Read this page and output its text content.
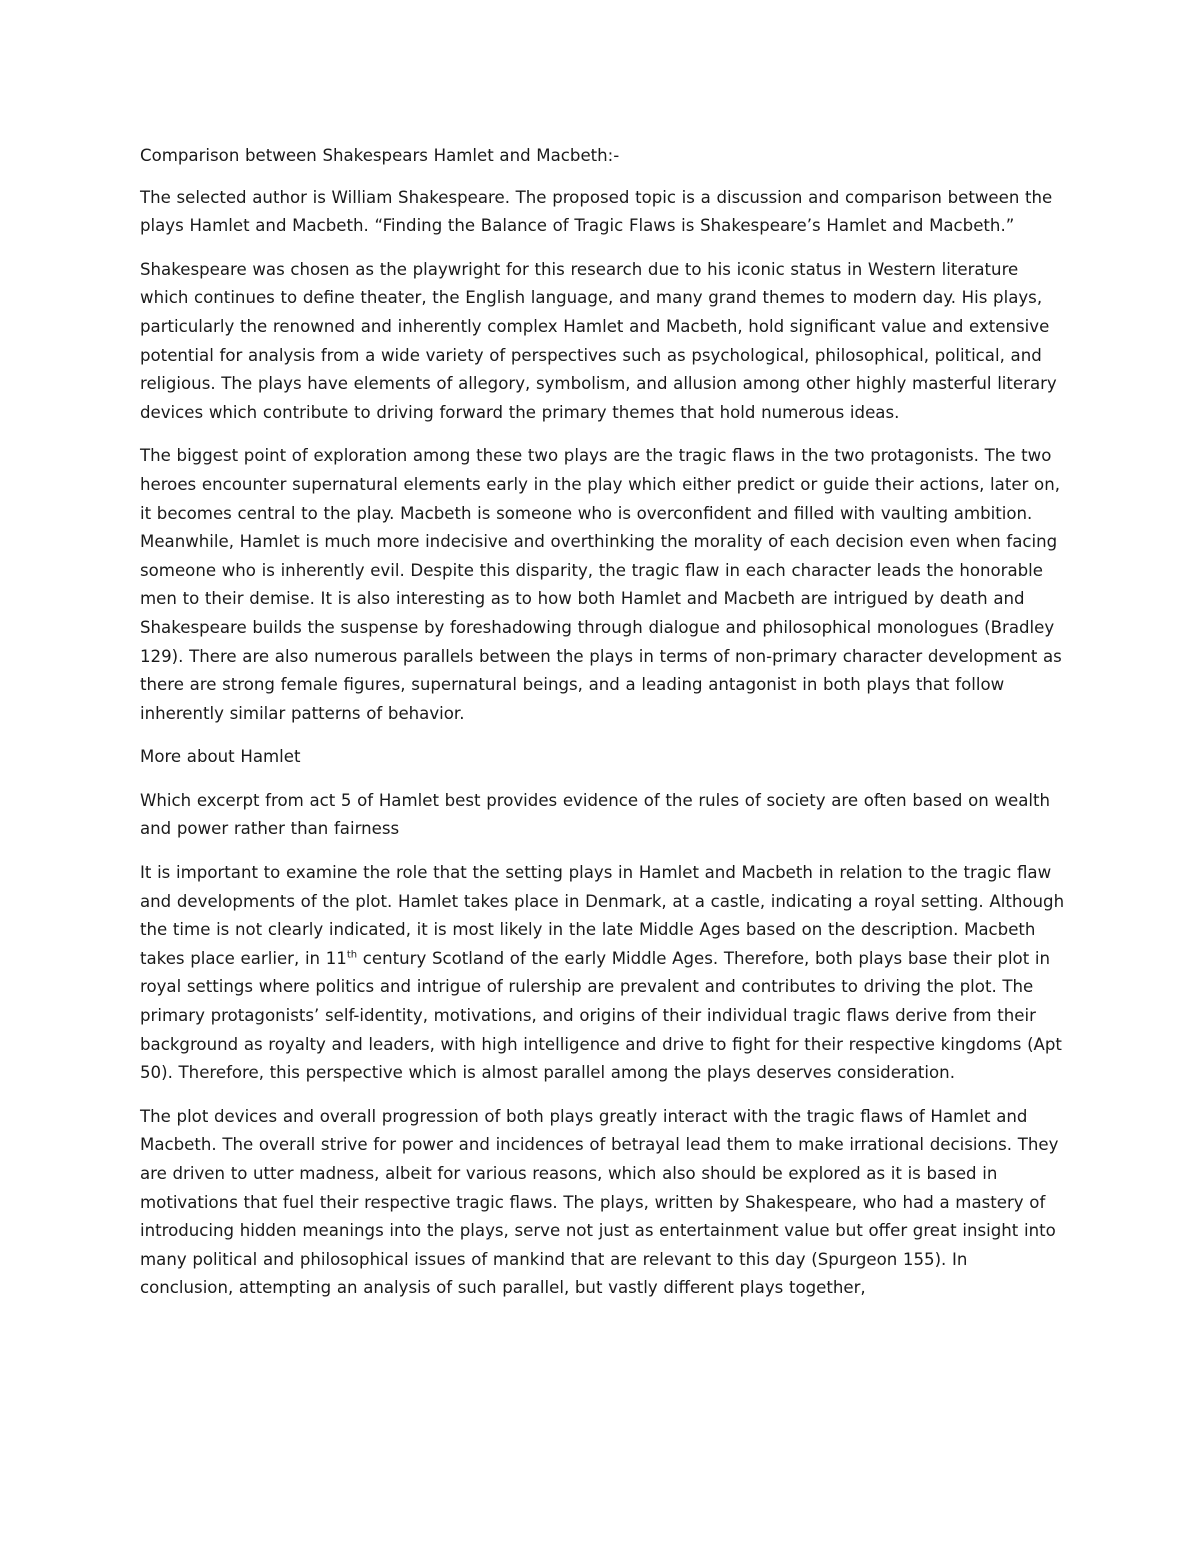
Comparison between Shakespears Hamlet and Macbeth:-

The selected author is William Shakespeare. The proposed topic is a discussion and comparison between the plays Hamlet and Macbeth. “Finding the Balance of Tragic Flaws is Shakespeare’s Hamlet and Macbeth.”

Shakespeare was chosen as the playwright for this research due to his iconic status in Western literature which continues to define theater, the English language, and many grand themes to modern day. His plays, particularly the renowned and inherently complex Hamlet and Macbeth, hold significant value and extensive potential for analysis from a wide variety of perspectives such as psychological, philosophical, political, and religious. The plays have elements of allegory, symbolism, and allusion among other highly masterful literary devices which contribute to driving forward the primary themes that hold numerous ideas.

The biggest point of exploration among these two plays are the tragic flaws in the two protagonists. The two heroes encounter supernatural elements early in the play which either predict or guide their actions, later on, it becomes central to the play. Macbeth is someone who is overconfident and filled with vaulting ambition. Meanwhile, Hamlet is much more indecisive and overthinking the morality of each decision even when facing someone who is inherently evil. Despite this disparity, the tragic flaw in each character leads the honorable men to their demise. It is also interesting as to how both Hamlet and Macbeth are intrigued by death and Shakespeare builds the suspense by foreshadowing through dialogue and philosophical monologues (Bradley 129). There are also numerous parallels between the plays in terms of non-primary character development as there are strong female figures, supernatural beings, and a leading antagonist in both plays that follow inherently similar patterns of behavior.

More about Hamlet

Which excerpt from act 5 of Hamlet best provides evidence of the rules of society are often based on wealth and power rather than fairness

It is important to examine the role that the setting plays in Hamlet and Macbeth in relation to the tragic flaw and developments of the plot. Hamlet takes place in Denmark, at a castle, indicating a royal setting. Although the time is not clearly indicated, it is most likely in the late Middle Ages based on the description. Macbeth takes place earlier, in 11th century Scotland of the early Middle Ages. Therefore, both plays base their plot in royal settings where politics and intrigue of rulership are prevalent and contributes to driving the plot. The primary protagonists’ self-identity, motivations, and origins of their individual tragic flaws derive from their background as royalty and leaders, with high intelligence and drive to fight for their respective kingdoms (Apt 50). Therefore, this perspective which is almost parallel among the plays deserves consideration.

The plot devices and overall progression of both plays greatly interact with the tragic flaws of Hamlet and Macbeth. The overall strive for power and incidences of betrayal lead them to make irrational decisions. They are driven to utter madness, albeit for various reasons, which also should be explored as it is based in motivations that fuel their respective tragic flaws. The plays, written by Shakespeare, who had a mastery of introducing hidden meanings into the plays, serve not just as entertainment value but offer great insight into many political and philosophical issues of mankind that are relevant to this day (Spurgeon 155). In conclusion, attempting an analysis of such parallel, but vastly different plays together,
